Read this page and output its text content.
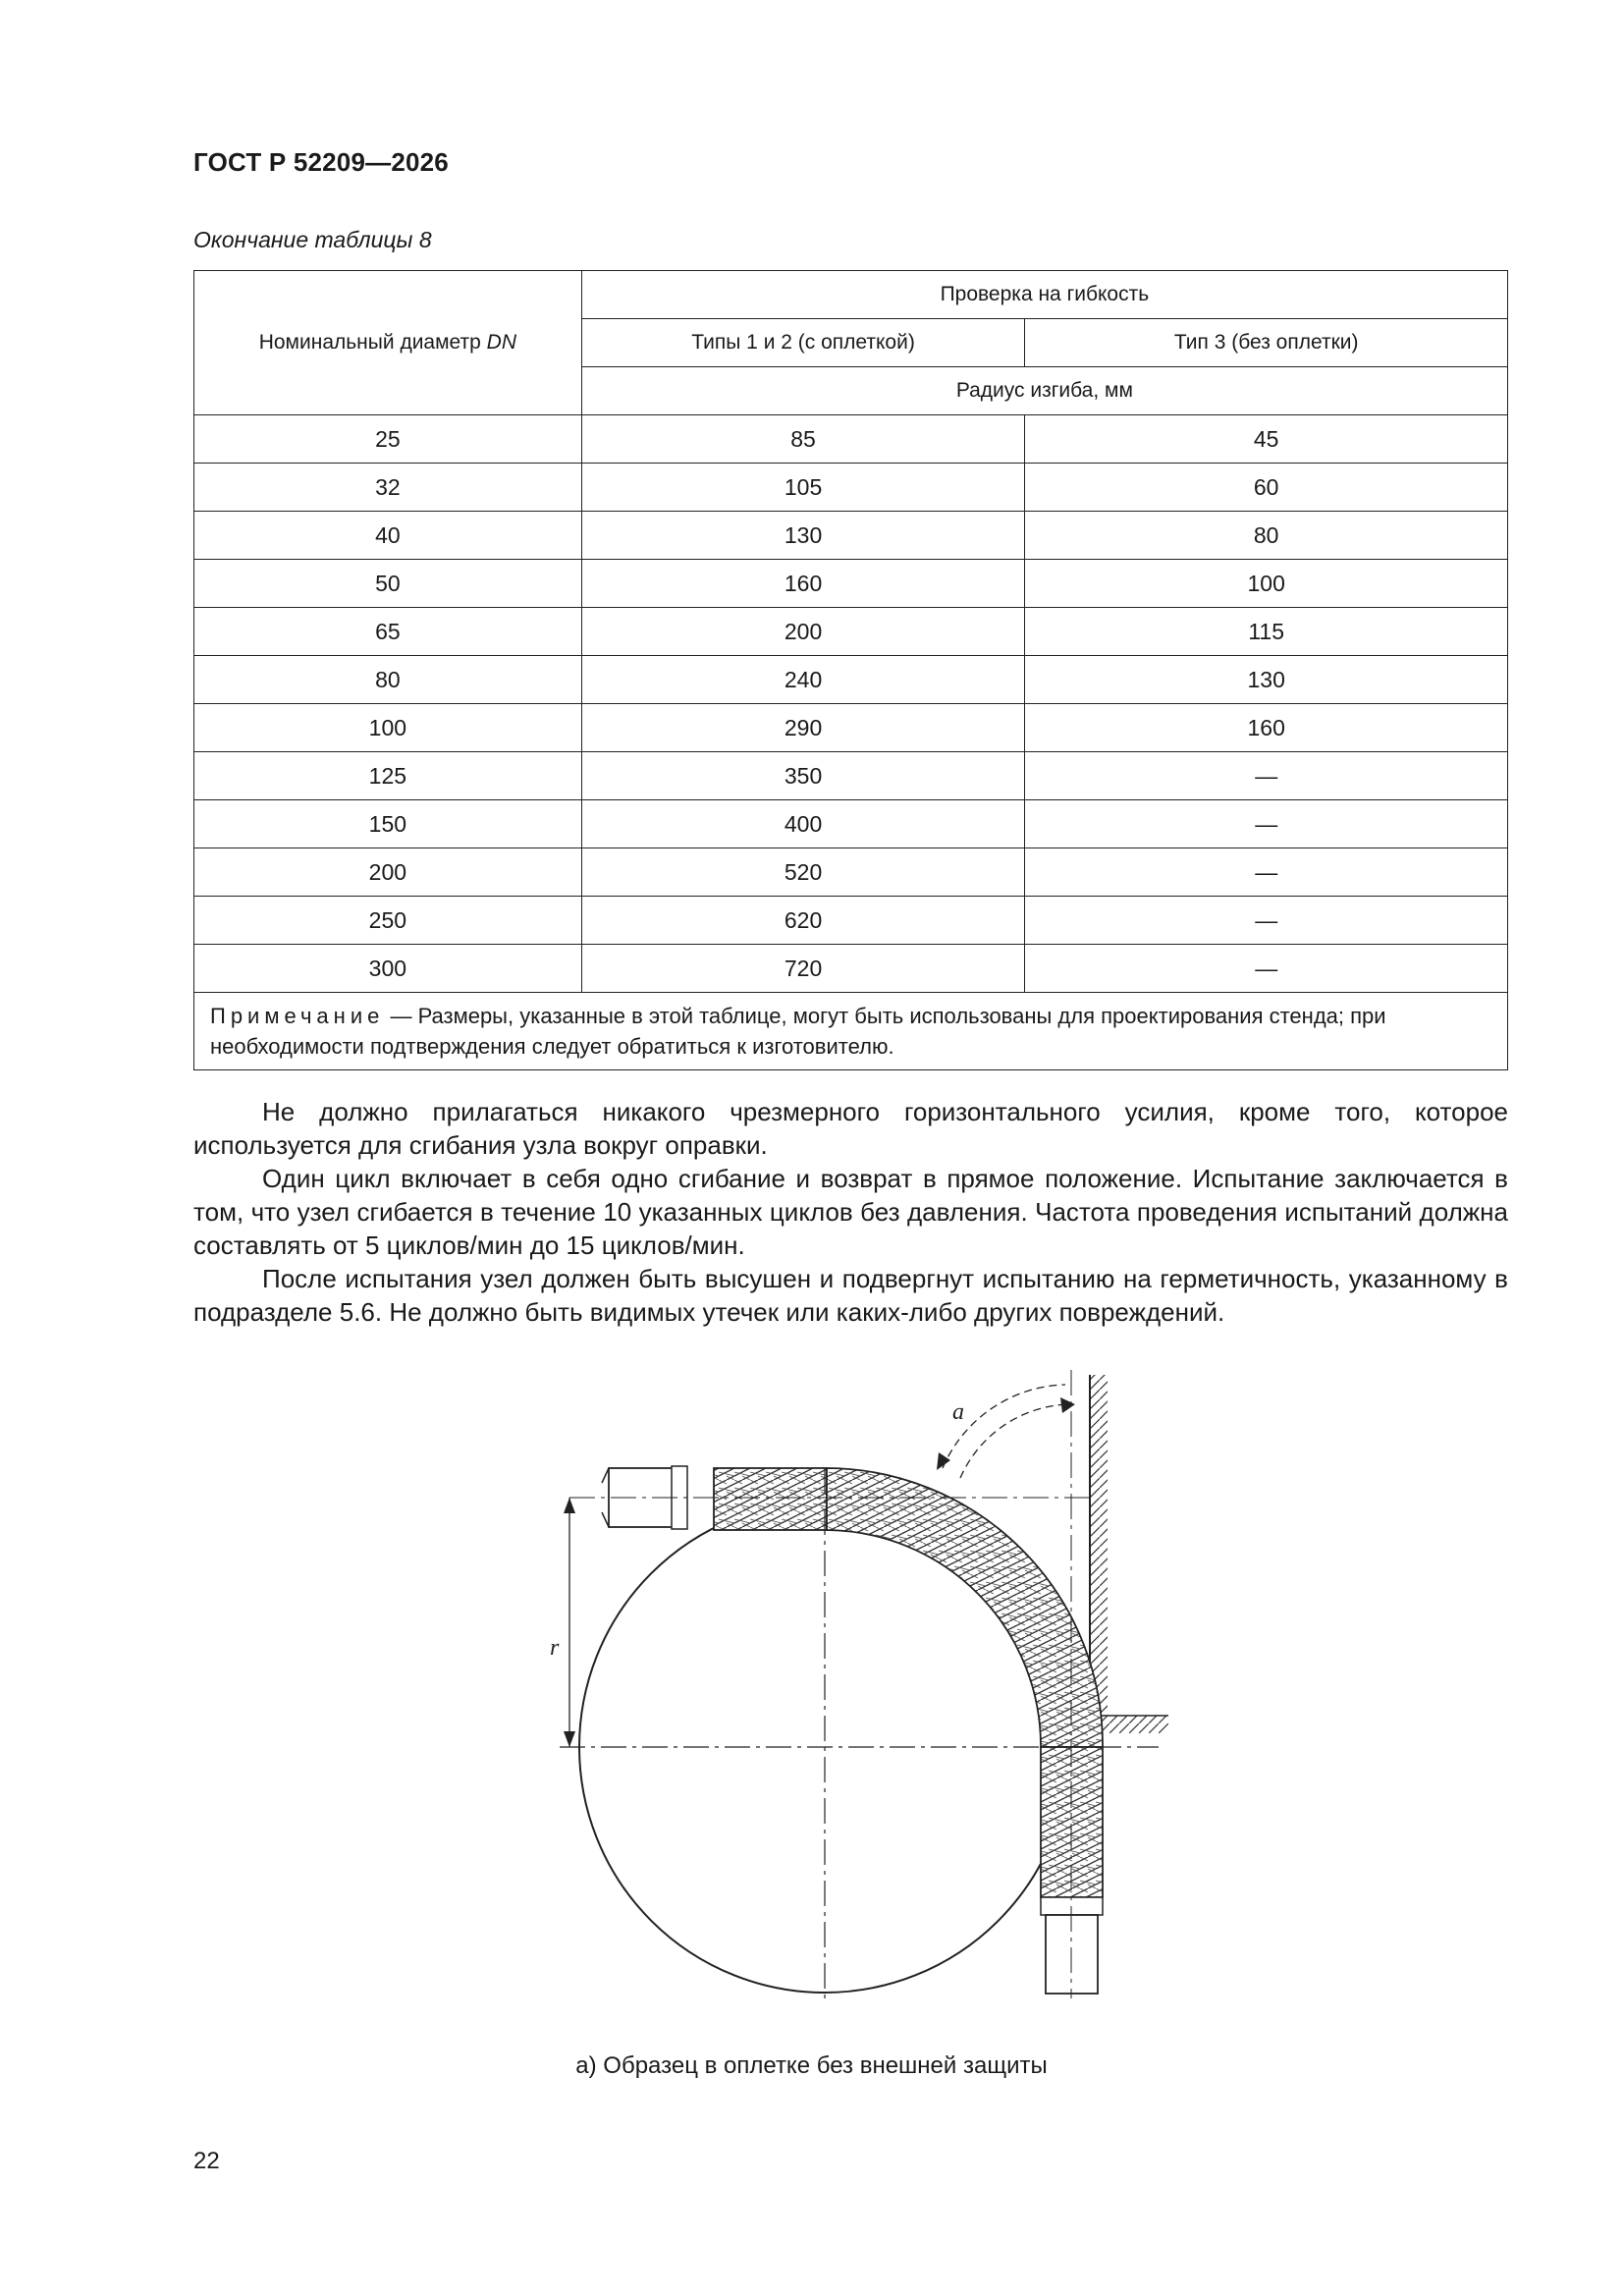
ГОСТ Р 52209—2026
Окончание таблицы 8
Номинальный диаметр DN	Проверка на гибкость	
	Типы 1 и 2 (с оплеткой)	Тип 3 (без оплетки)
	Радиус изгиба, мм	
25	85	45
32	105	60
40	130	80
50	160	100
65	200	115
80	240	130
100	290	160
125	350	—
150	400	—
200	520	—
250	620	—
300	720	—
Примечание — Размеры, указанные в этой таблице, могут быть использованы для проектирования стенда; при необходимости подтверждения следует обратиться к изготовителю.		

Не должно прилагаться никакого чрезмерного горизонтального усилия, кроме того, которое используется для сгибания узла вокруг оправки.

Один цикл включает в себя одно сгибание и возврат в прямое положение. Испытание заключается в том, что узел сгибается в течение 10 указанных циклов без давления. Частота проведения испытаний должна составлять от 5 циклов/мин до 15 циклов/мин.

После испытания узел должен быть высушен и подвергнут испытанию на герметичность, указанному в подразделе 5.6. Не должно быть видимых утечек или каких-либо других повреждений.

r
a
а) Образец в оплетке без внешней защиты
22
